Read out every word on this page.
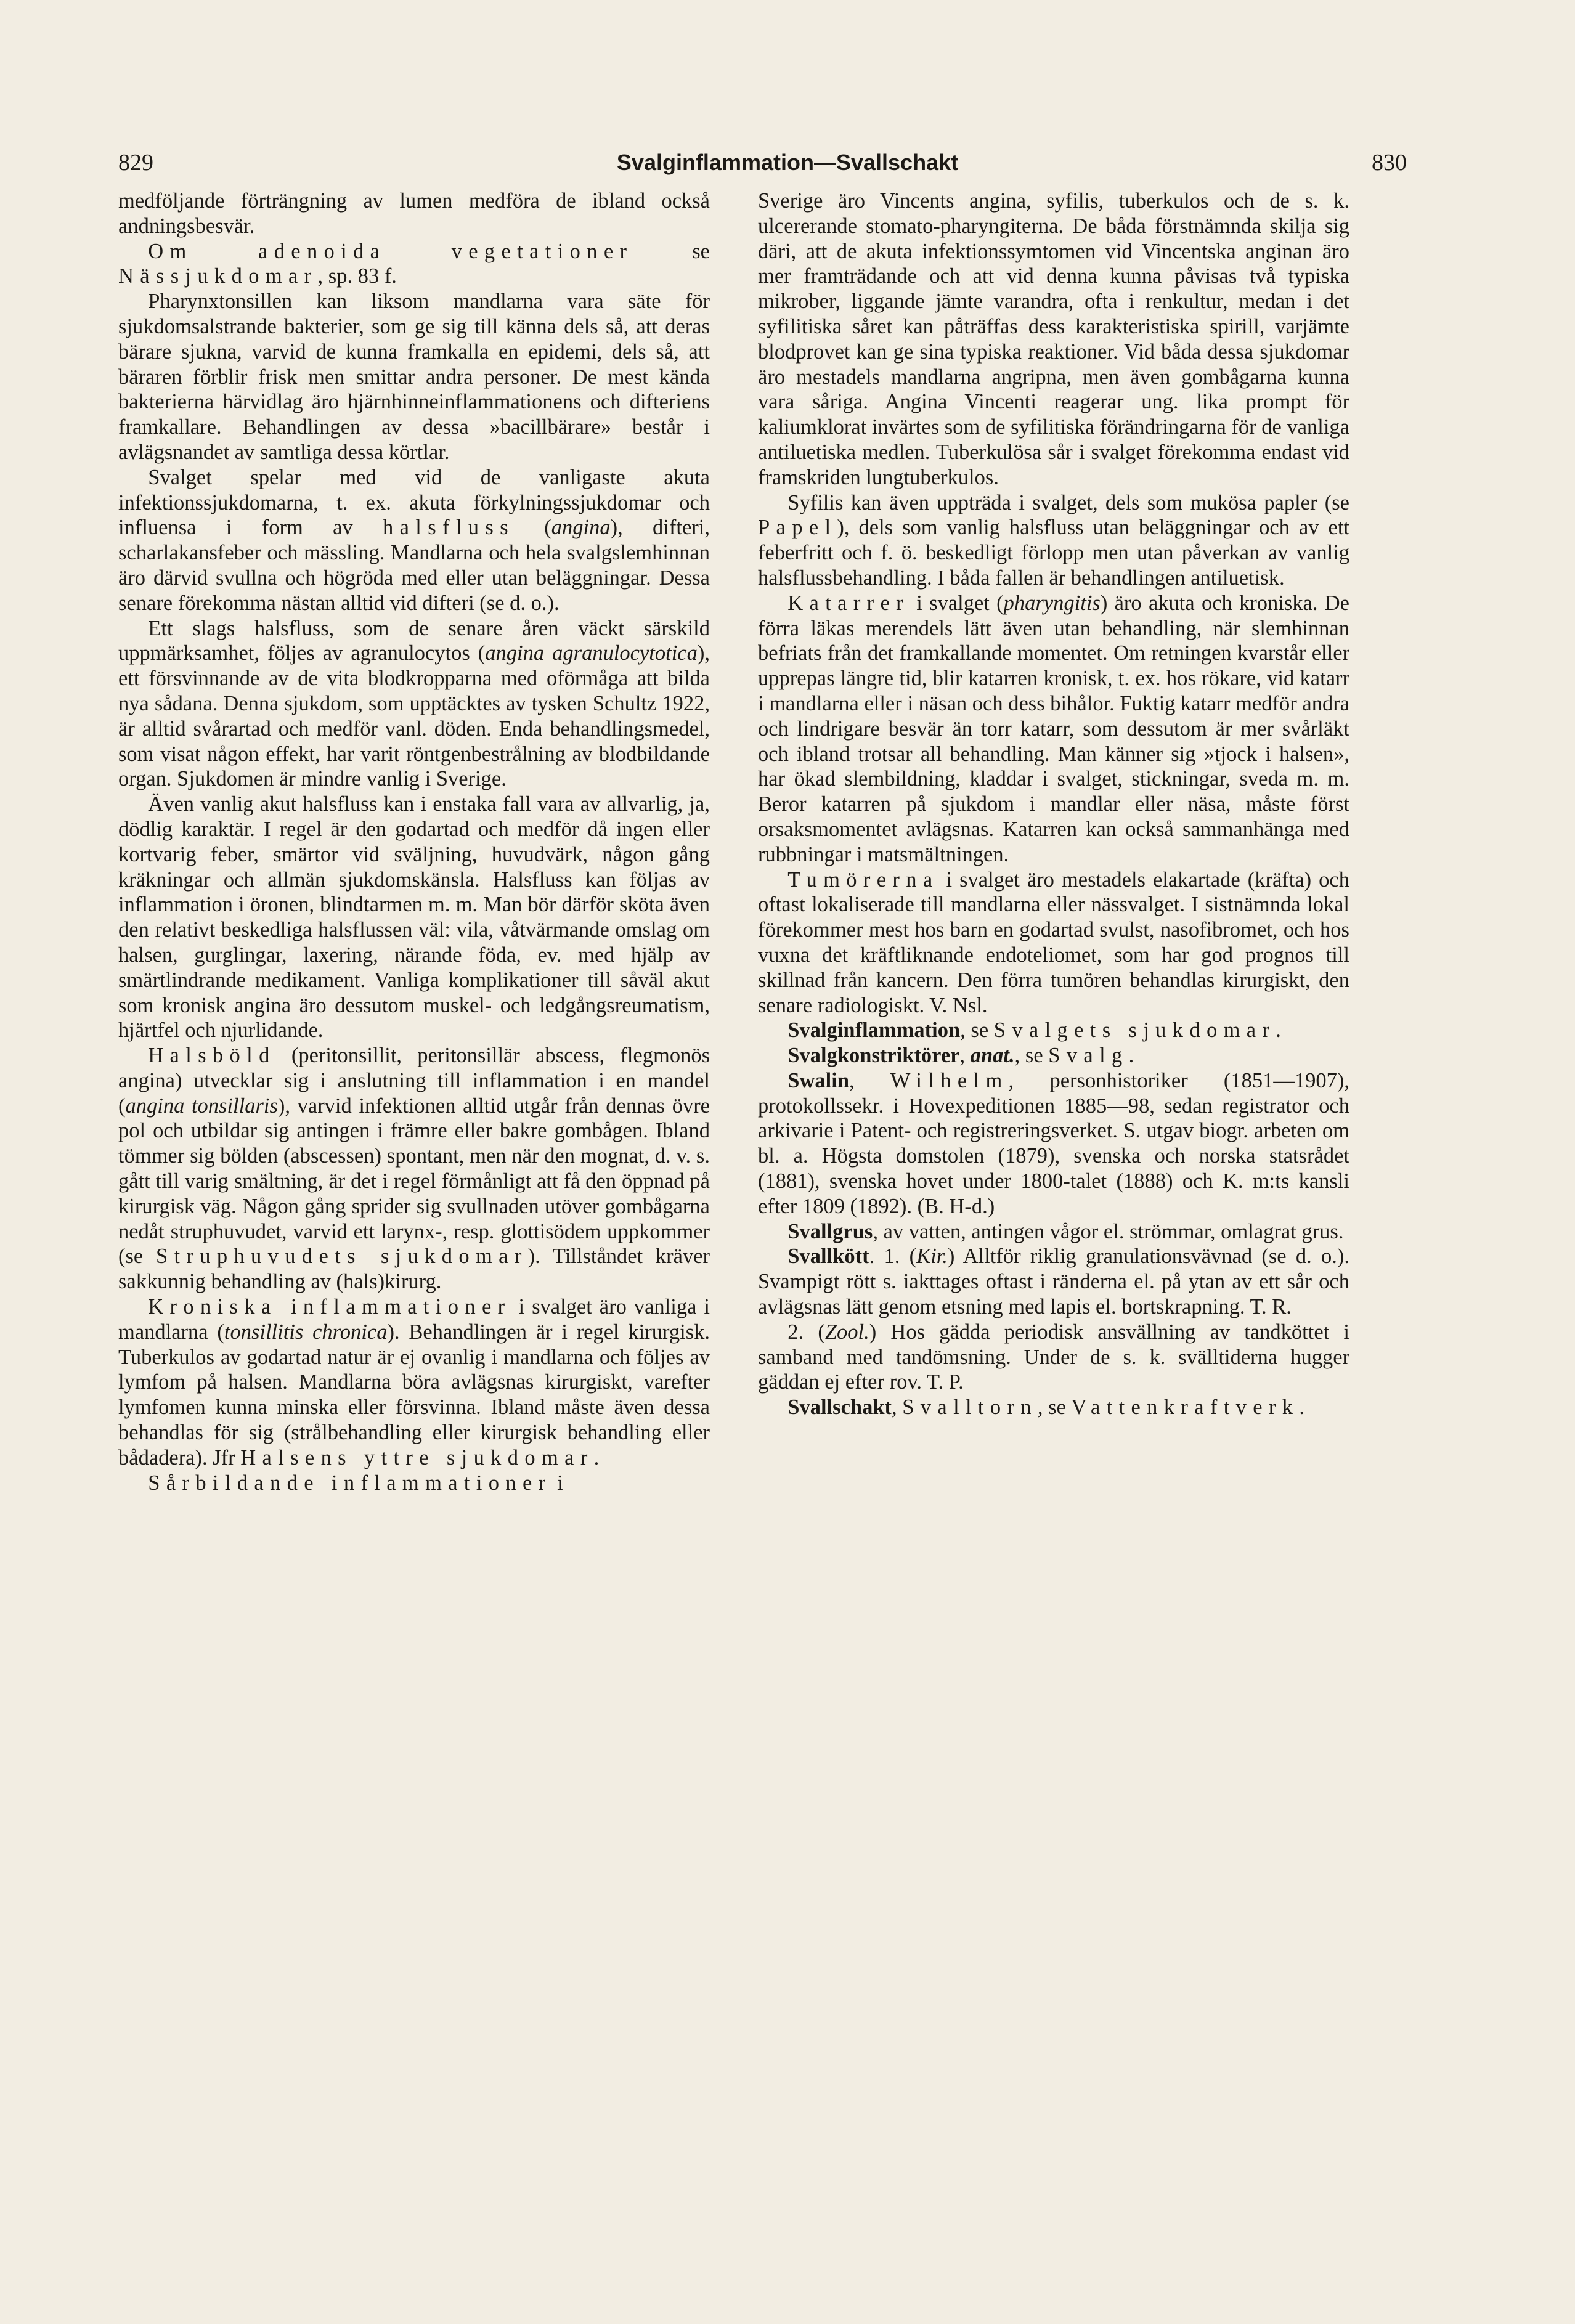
829	Svalginflammation—Svallschakt	830

medföljande förträngning av lumen medföra de ibland också andningsbesvär.

Om adenoida vegetationer se Nässjukdomar, sp. 83 f.

Pharynxtonsillen kan liksom mandlarna vara säte för sjukdomsalstrande bakterier, som ge sig till känna dels så, att deras bärare sjukna, varvid de kunna framkalla en epidemi, dels så, att bäraren förblir frisk men smittar andra personer. De mest kända bakterierna härvidlag äro hjärnhinneinflammationens och difteriens framkallare. Behandlingen av dessa »bacillbärare» består i avlägsnandet av samtliga dessa körtlar.

Svalget spelar med vid de vanligaste akuta infektionssjukdomarna, t. ex. akuta förkylningssjukdomar och influensa i form av halsfluss (angina), difteri, scharlakansfeber och mässling. Mandlarna och hela svalgslemhinnan äro därvid svullna och högröda med eller utan beläggningar. Dessa senare förekomma nästan alltid vid difteri (se d. o.).

Ett slags halsfluss, som de senare åren väckt särskild uppmärksamhet, följes av agranulocytos (angina agranulocytotica), ett försvinnande av de vita blodkropparna med oförmåga att bilda nya sådana. Denna sjukdom, som upptäcktes av tysken Schultz 1922, är alltid svårartad och medför vanl. döden. Enda behandlingsmedel, som visat någon effekt, har varit röntgenbestrålning av blodbildande organ. Sjukdomen är mindre vanlig i Sverige.

Även vanlig akut halsfluss kan i enstaka fall vara av allvarlig, ja, dödlig karaktär. I regel är den godartad och medför då ingen eller kortvarig feber, smärtor vid sväljning, huvudvärk, någon gång kräkningar och allmän sjukdomskänsla. Halsfluss kan följas av inflammation i öronen, blindtarmen m. m. Man bör därför sköta även den relativt beskedliga halsflussen väl: vila, våtvärmande omslag om halsen, gurglingar, laxering, närande föda, ev. med hjälp av smärtlindrande medikament. Vanliga komplikationer till såväl akut som kronisk angina äro dessutom muskel- och ledgångsreumatism, hjärtfel och njurlidande.

Halsböld (peritonsillit, peritonsillär abscess, flegmonös angina) utvecklar sig i anslutning till inflammation i en mandel (angina tonsillaris), varvid infektionen alltid utgår från dennas övre pol och utbildar sig antingen i främre eller bakre gombågen. Ibland tömmer sig bölden (abscessen) spontant, men när den mognat, d. v. s. gått till varig smältning, är det i regel förmånligt att få den öppnad på kirurgisk väg. Någon gång sprider sig svullnaden utöver gombågarna nedåt struphuvudet, varvid ett larynx-, resp. glottisödem uppkommer (se Struphuvudets sjukdomar). Tillståndet kräver sakkunnig behandling av (hals)kirurg.

Kroniska inflammationer i svalget äro vanliga i mandlarna (tonsillitis chronica). Behandlingen är i regel kirurgisk. Tuberkulos av godartad natur är ej ovanlig i mandlarna och följes av lymfom på halsen. Mandlarna böra avlägsnas kirurgiskt, varefter lymfomen kunna minska eller försvinna. Ibland måste även dessa behandlas för sig (strålbehandling eller kirurgisk behandling eller bådadera). Jfr Halsens yttre sjukdomar.

Sårbildande inflammationer i

Sverige äro Vincents angina, syfilis, tuberkulos och de s. k. ulcererande stomato-pharyngiterna. De båda förstnämnda skilja sig däri, att de akuta infektionssymtomen vid Vincentska anginan äro mer framträdande och att vid denna kunna påvisas två typiska mikrober, liggande jämte varandra, ofta i renkultur, medan i det syfilitiska såret kan påträffas dess karakteristiska spirill, varjämte blodprovet kan ge sina typiska reaktioner. Vid båda dessa sjukdomar äro mestadels mandlarna angripna, men även gombågarna kunna vara såriga. Angina Vincenti reagerar ung. lika prompt för kaliumklorat invärtes som de syfilitiska förändringarna för de vanliga antiluetiska medlen. Tuberkulösa sår i svalget förekomma endast vid framskriden lungtuberkulos.

Syfilis kan även uppträda i svalget, dels som mukösa papler (se Papel), dels som vanlig halsfluss utan beläggningar och av ett feberfritt och f. ö. beskedligt förlopp men utan påverkan av vanlig halsflussbehandling. I båda fallen är behandlingen antiluetisk.

Katarrer i svalget (pharyngitis) äro akuta och kroniska. De förra läkas merendels lätt även utan behandling, när slemhinnan befriats från det framkallande momentet. Om retningen kvarstår eller upprepas längre tid, blir katarren kronisk, t. ex. hos rökare, vid katarr i mandlarna eller i näsan och dess bihålor. Fuktig katarr medför andra och lindrigare besvär än torr katarr, som dessutom är mer svårläkt och ibland trotsar all behandling. Man känner sig »tjock i halsen», har ökad slembildning, kladdar i svalget, stickningar, sveda m. m. Beror katarren på sjukdom i mandlar eller näsa, måste först orsaksmomentet avlägsnas. Katarren kan också sammanhänga med rubbningar i matsmältningen.

Tumörerna i svalget äro mestadels elakartade (kräfta) och oftast lokaliserade till mandlarna eller nässvalget. I sistnämnda lokal förekommer mest hos barn en godartad svulst, nasofibromet, och hos vuxna det kräftliknande endoteliomet, som har god prognos till skillnad från kancern. Den förra tumören behandlas kirurgiskt, den senare radiologiskt. V. Nsl.

Svalginflammation, se Svalgets sjukdomar.

Svalgkonstriktörer, anat., se Svalg.

Swalin, Wilhelm, personhistoriker (1851—1907), protokollssekr. i Hovexpeditionen 1885—98, sedan registrator och arkivarie i Patent- och registreringsverket. S. utgav biogr. arbeten om bl. a. Högsta domstolen (1879), svenska och norska statsrådet (1881), svenska hovet under 1800-talet (1888) och K. m:ts kansli efter 1809 (1892). (B. H-d.)

Svallgrus, av vatten, antingen vågor el. strömmar, omlagrat grus.

Svallkött. 1. (Kir.) Alltför riklig granulationsvävnad (se d. o.). Svampigt rött s. iakttages oftast i ränderna el. på ytan av ett sår och avlägsnas lätt genom etsning med lapis el. bortskrapning. T. R.

2. (Zool.) Hos gädda periodisk ansvällning av tandköttet i samband med tandömsning. Under de s. k. svälltiderna hugger gäddan ej efter rov. T. P.

Svallschakt, Svalltorn, se Vattenkraftverk.
